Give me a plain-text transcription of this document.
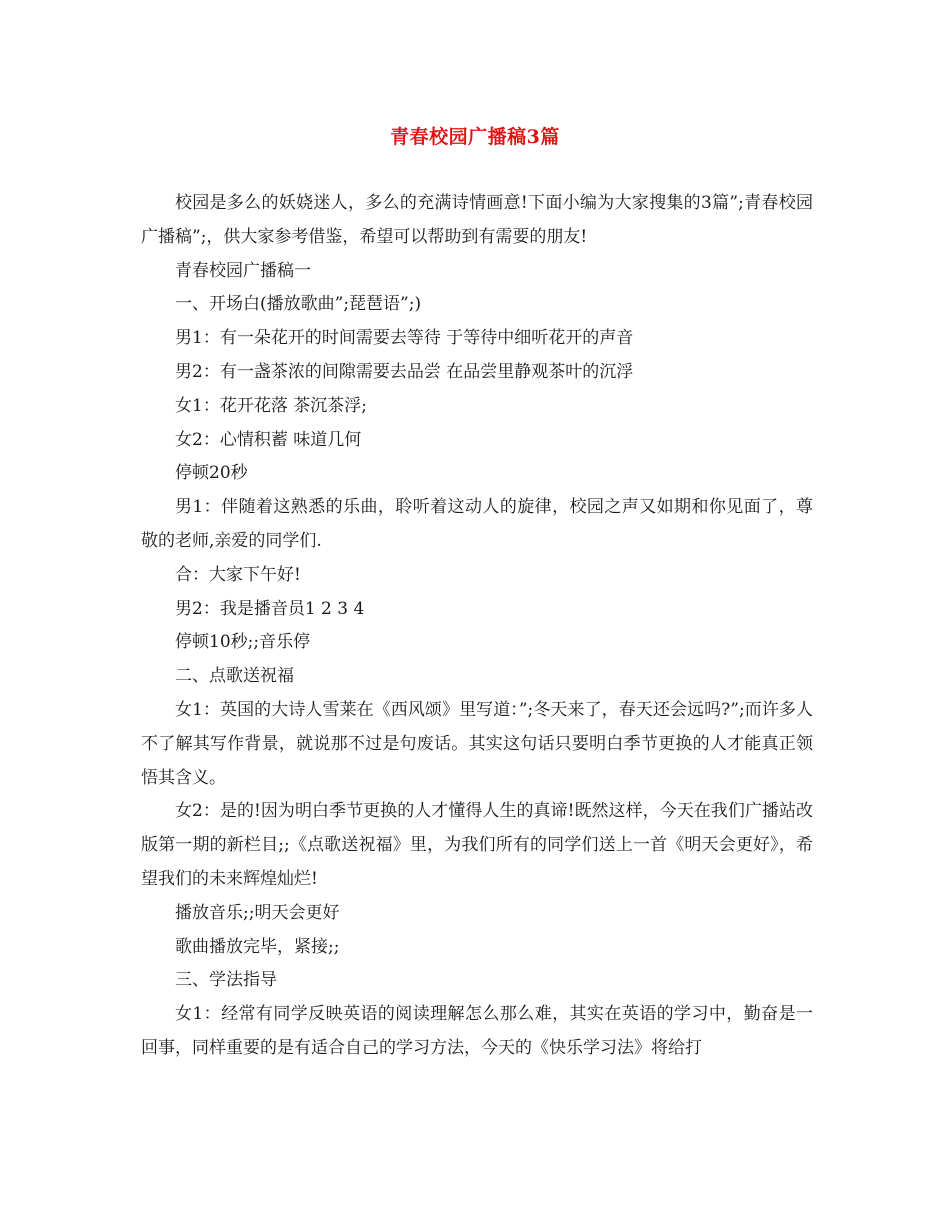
青春校园广播稿3篇

校园是多么的妖娆迷人，多么的充满诗情画意!下面小编为大家搜集的3篇”;青春校园广播稿”;，供大家参考借鉴，希望可以帮助到有需要的朋友!

青春校园广播稿一

一、开场白(播放歌曲”;琵琶语”;)

男1：有一朵花开的时间需要去等待 于等待中细听花开的声音

男2：有一盏茶浓的间隙需要去品尝 在品尝里静观茶叶的沉浮

女1：花开花落 茶沉茶浮;

女2：心情积蓄 味道几何

停顿20秒

男1：伴随着这熟悉的乐曲，聆听着这动人的旋律，校园之声又如期和你见面了，尊敬的老师,亲爱的同学们.

合：大家下午好!

男2：我是播音员1 2 3 4

停顿10秒;;音乐停

二、点歌送祝福

女1：英国的大诗人雪莱在《西风颂》里写道：”;冬天来了，春天还会远吗?”;而许多人不了解其写作背景，就说那不过是句废话。其实这句话只要明白季节更换的人才能真正领悟其含义。

女2：是的!因为明白季节更换的人才懂得人生的真谛!既然这样，今天在我们广播站改版第一期的新栏目;;《点歌送祝福》里，为我们所有的同学们送上一首《明天会更好》，希望我们的未来辉煌灿烂!

播放音乐;;明天会更好

歌曲播放完毕，紧接;;

三、学法指导

女1：经常有同学反映英语的阅读理解怎么那么难，其实在英语的学习中，勤奋是一回事，同样重要的是有适合自己的学习方法，今天的《快乐学习法》将给打
